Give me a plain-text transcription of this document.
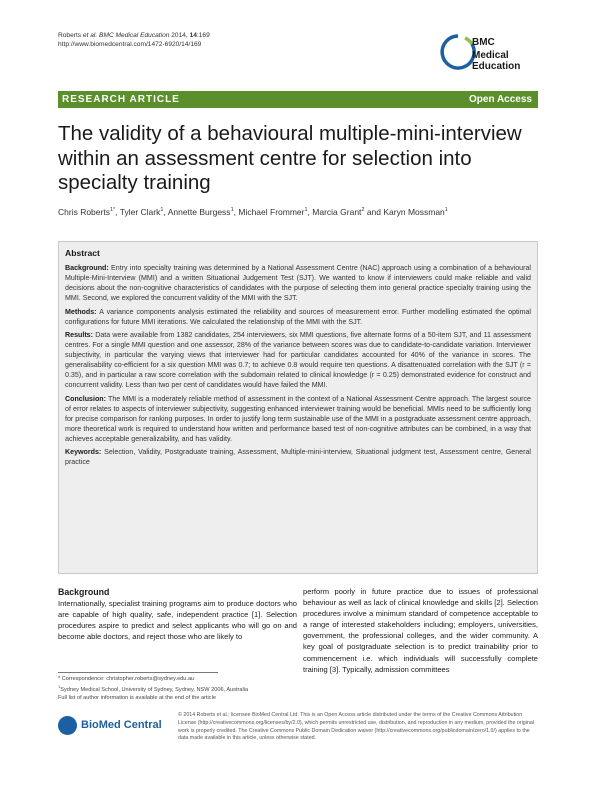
Roberts et al. BMC Medical Education 2014, 14:169
http://www.biomedcentral.com/1472-6920/14/169	BMC
Medical Education
RESEARCH ARTICLE	Open Access
The validity of a behavioural multiple-mini-interview within an assessment centre for selection into specialty training
Chris Roberts$^{1*}$, Tyler Clark$^1$, Annette Burgess$^1$, Michael Frommer$^1$, Marcia Grant$^2$ and Karyn Mossman$^1$
Abstract

Background: Entry into specialty training was determined by a National Assessment Centre (NAC) approach using a combination of a behavioural Multiple-Mini-Interview (MMI) and a written Situational Judgement Test (SJT). We wanted to know if interviewers could make reliable and valid decisions about the non-cognitive characteristics of candidates with the purpose of selecting them into general practice specialty training using the MMI. Second, we explored the concurrent validity of the MMI with the SJT.

Methods: A variance components analysis estimated the reliability and sources of measurement error. Further modelling estimated the optimal configurations for future MMI iterations. We calculated the relationship of the MMI with the SJT.

Results: Data were available from 1382 candidates, 254 interviewers, six MMI questions, five alternate forms of a 50-item SJT, and 11 assessment centres. For a single MMI question and one assessor, 28% of the variance between scores was due to candidate-to-candidate variation. Interviewer subjectivity, in particular the varying views that interviewer had for particular candidates accounted for 40% of the variance in scores. The generalisability co-efficient for a six question MMI was 0.7; to achieve 0.8 would require ten questions. A disattenuated correlation with the SJT (r = 0.35), and in particular a raw score correlation with the subdomain related to clinical knowledge (r = 0.25) demonstrated evidence for construct and concurrent validity. Less than two per cent of candidates would have failed the MMI.

Conclusion: The MMI is a moderately reliable method of assessment in the context of a National Assessment Centre approach. The largest source of error relates to aspects of interviewer subjectivity, suggesting enhanced interviewer training would be beneficial. MMIs need to be sufficiently long for precise comparison for ranking purposes. In order to justify long term sustainable use of the MMI in a postgraduate assessment centre approach, more theoretical work is required to understand how written and performance based test of non-cognitive attributes can be combined, in a way that achieves acceptable generalizability, and has validity.

Keywords: Selection, Validity, Postgraduate training, Assessment, Multiple-mini-interview, Situational judgment test, Assessment centre, General practice

Background
Internationally, specialist training programs aim to produce doctors who are capable of high quality, safe, independent practice [1]. Selection procedures aspire to predict and select applicants who will go on and become able doctors, and reject those who are likely to
perform poorly in future practice due to issues of professional behaviour as well as lack of clinical knowledge and skills [2]. Selection procedures involve a minimum standard of competence acceptable to a range of interested stakeholders including; employers, universities, government, the professional colleges, and the wider community. A key goal of postgraduate selection is to predict trainability prior to commencement i.e. which individuals will successfully complete training [3]. Typically, admission committees
* Correspondence: christopher.roberts@sydney.edu.au
$^1$Sydney Medical School, University of Sydney, Sydney, NSW 2006, Australia
Full list of author information is available at the end of the article
BioMed Central
© 2014 Roberts et al.; licensee BioMed Central Ltd. This is an Open Access article distributed under the terms of the Creative Commons Attribution License (http://creativecommons.org/licenses/by/2.0), which permits unrestricted use, distribution, and reproduction in any medium, provided the original work is properly credited. The Creative Commons Public Domain Dedication waiver (http://creativecommons.org/publicdomain/zero/1.0/) applies to the data made available in this article, unless otherwise stated.
